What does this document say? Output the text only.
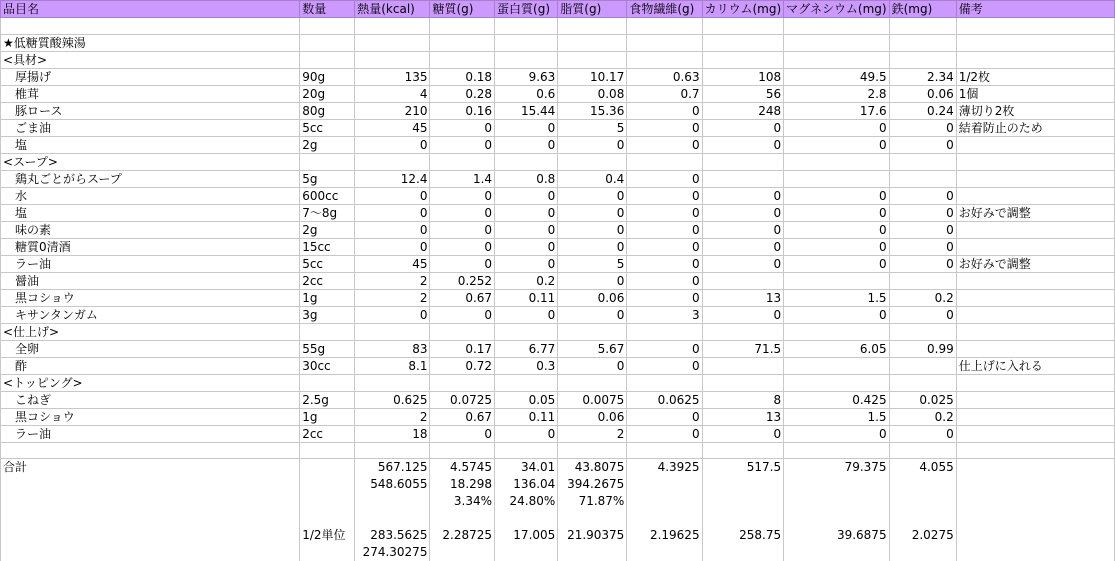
品目名	数量	熱量(kcal)	糖質(g)	蛋白質(g)	脂質(g)	食物繊維(g)	カリウム(mg)	マグネシウム(mg)	鉄(mg)	備考

★低糖質酸辣湯										
<具材>										
厚揚げ	90g	135	0.18	9.63	10.17	0.63	108	49.5	2.34	1/2枚
椎茸	20g	4	0.28	0.6	0.08	0.7	56	2.8	0.06	1個
豚ロース	80g	210	0.16	15.44	15.36	0	248	17.6	0.24	薄切り2枚
ごま油	5cc	45	0	0	5	0	0	0	0	結着防止のため
塩	2g	0	0	0	0	0	0	0	0	
<スープ>										
鶏丸ごとがらスープ	5g	12.4	1.4	0.8	0.4	0				
水	600cc	0	0	0	0	0	0	0	0	
塩	7～8g	0	0	0	0	0	0	0	0	お好みで調整
味の素	2g	0	0	0	0	0	0	0	0	
糖質0清酒	15cc	0	0	0	0	0	0	0	0	
ラー油	5cc	45	0	0	5	0	0	0	0	お好みで調整
醤油	2cc	2	0.252	0.2	0	0				
黒コショウ	1g	2	0.67	0.11	0.06	0	13	1.5	0.2	
キサンタンガム	3g	0	0	0	0	3	0	0	0	
<仕上げ>										
全卵	55g	83	0.17	6.77	5.67	0	71.5	6.05	0.99	
酢	30cc	8.1	0.72	0.3	0	0				仕上げに入れる
<トッピング>										
こねぎ	2.5g	0.625	0.0725	0.05	0.0075	0.0625	8	0.425	0.025	
黒コショウ	1g	2	0.67	0.11	0.06	0	13	1.5	0.2	
ラー油	2cc	18	0	0	2	0	0	0	0	

合計		567.125	4.5745	34.01	43.8075	4.3925	517.5	79.375	4.055	
		548.6055	18.298	136.04	394.2675					
			3.34%	24.80%	71.87%					

	1/2単位	283.5625	2.28725	17.005	21.90375	2.19625	258.75	39.6875	2.0275	
		274.30275								
